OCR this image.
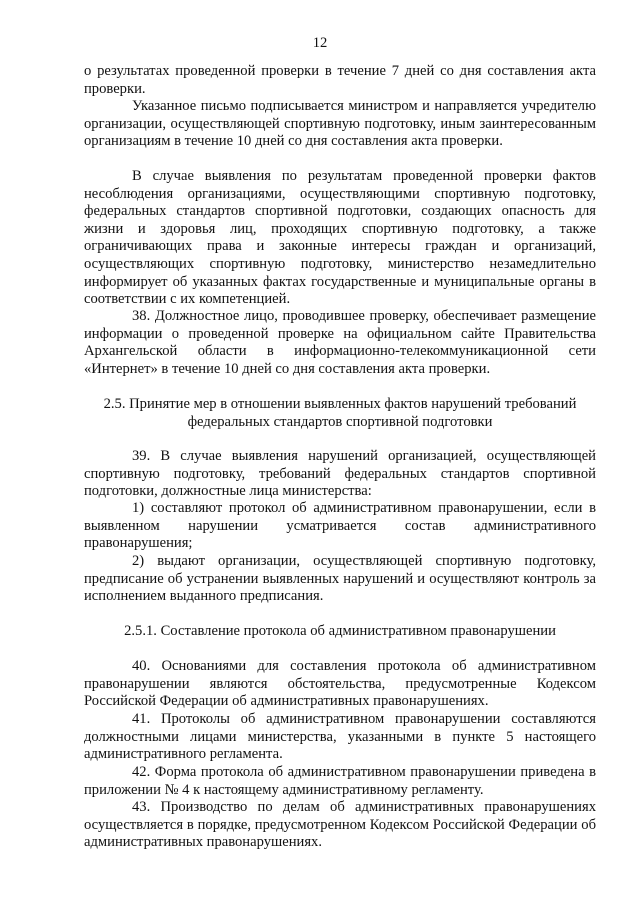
12

о результатах проведенной проверки в течение 7 дней со дня составления акта проверки.

Указанное письмо подписывается министром и направляется учредителю организации, осуществляющей спортивную подготовку, иным заинтересованным организациям в течение 10 дней со дня составления акта проверки.

В случае выявления по результатам проведенной проверки фактов несоблюдения организациями, осуществляющими спортивную подготовку, федеральных стандартов спортивной подготовки, создающих опасность для жизни и здоровья лиц, проходящих спортивную подготовку, а также ограничивающих права и законные интересы граждан и организаций, осуществляющих спортивную подготовку, министерство незамедлительно информирует об указанных фактах государственные и муниципальные органы в соответствии с их компетенцией.

38. Должностное лицо, проводившее проверку, обеспечивает размещение информации о проведенной проверке на официальном сайте Правительства Архангельской области в информационно-телекоммуникационной сети «Интернет» в течение 10 дней со дня составления акта проверки.

2.5. Принятие мер в отношении выявленных фактов нарушений требований федеральных стандартов спортивной подготовки

39. В случае выявления нарушений организацией, осуществляющей спортивную подготовку, требований федеральных стандартов спортивной подготовки, должностные лица министерства:

1) составляют протокол об административном правонарушении, если в выявленном нарушении усматривается состав административного правонарушения;

2) выдают организации, осуществляющей спортивную подготовку, предписание об устранении выявленных нарушений и осуществляют контроль за исполнением выданного предписания.

2.5.1. Составление протокола об административном правонарушении

40. Основаниями для составления протокола об административном правонарушении являются обстоятельства, предусмотренные Кодексом Российской Федерации об административных правонарушениях.

41. Протоколы об административном правонарушении составляются должностными лицами министерства, указанными в пункте 5 настоящего административного регламента.

42. Форма протокола об административном правонарушении приведена в приложении № 4 к настоящему административному регламенту.

43. Производство по делам об административных правонарушениях осуществляется в порядке, предусмотренном Кодексом Российской Федерации об административных правонарушениях.
